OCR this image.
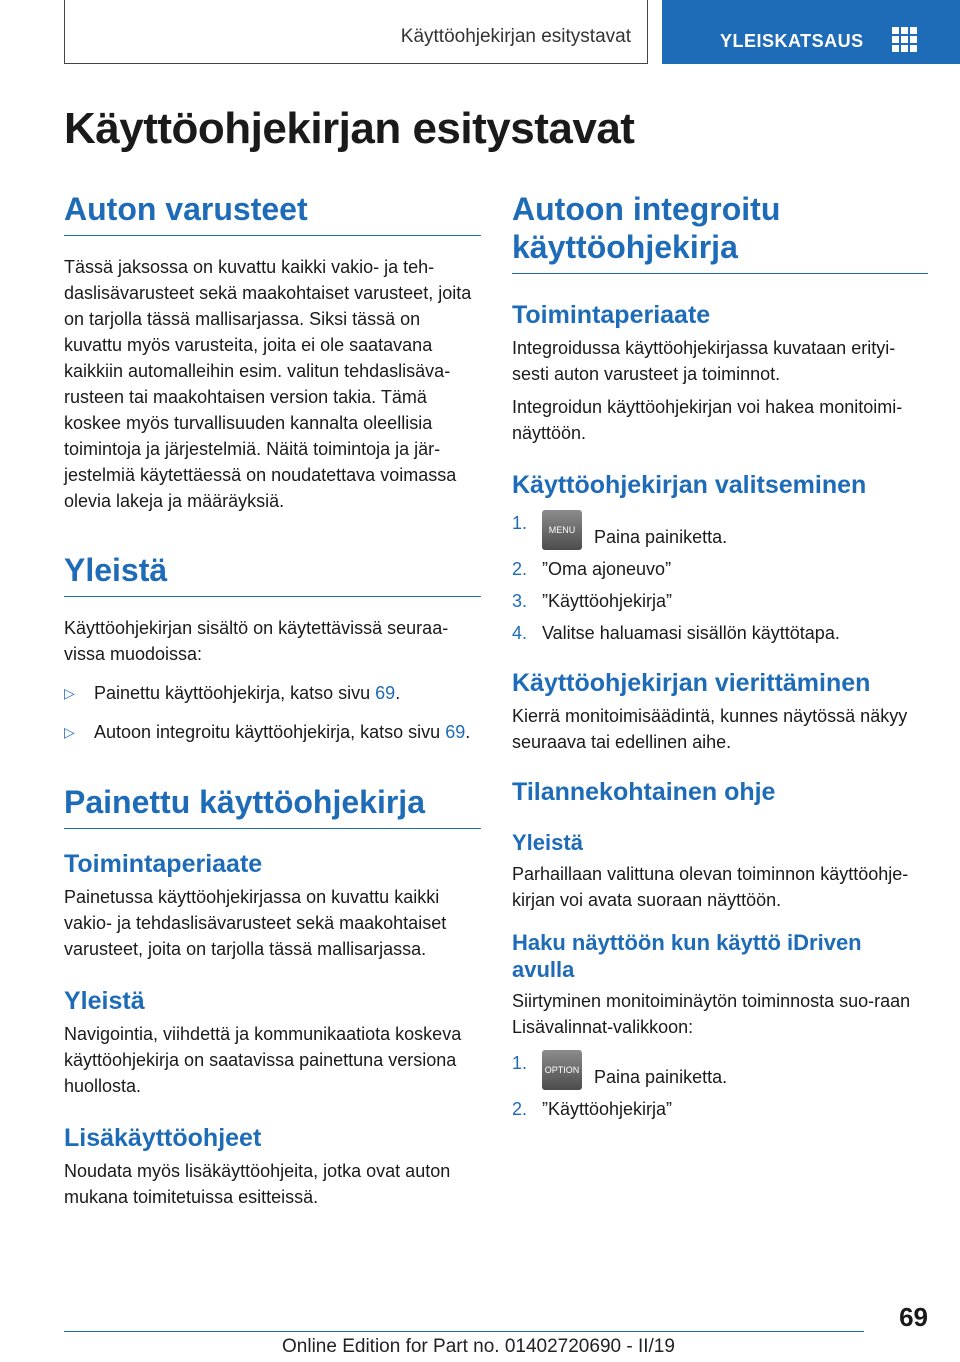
Käyttöohjekirjan esitystavat	YLEISKATSAUS
Käyttöohjekirjan esitystavat
Auton varusteet

Tässä jaksossa on kuvattu kaikki vakio- ja teh-daslisävarusteet sekä maakohtaiset varusteet, joita on tarjolla tässä mallisarjassa. Siksi tässä on kuvattu myös varusteita, joita ei ole saatavana kaikkiin automalleihin esim. valitun tehdaslisäva-rusteen tai maakohtaisen version takia. Tämä koskee myös turvallisuuden kannalta oleellisia toimintoja ja järjestelmiä. Näitä toimintoja ja jär-jestelmiä käytettäessä on noudatettava voimassa olevia lakeja ja määräyksiä.

Yleistä

Käyttöohjekirjan sisältö on käytettävissä seuraa-vissa muodoissa:

▷ Painettu käyttöohjekirja, katso sivu 69.
▷ Autoon integroitu käyttöohjekirja, katso sivu 69.
Painettu käyttöohjekirja
Toimintaperiaate

Painetussa käyttöohjekirjassa on kuvattu kaikki vakio- ja tehdaslisävarusteet sekä maakohtaiset varusteet, joita on tarjolla tässä mallisarjassa.

Yleistä

Navigointia, viihdettä ja kommunikaatiota koskeva käyttöohjekirja on saatavissa painettuna versiona huollosta.

Lisäkäyttöohjeet

Noudata myös lisäkäyttöohjeita, jotka ovat auton mukana toimitetuissa esitteissä.

Autoon integroitu käyttöohjekirja
Toimintaperiaate

Integroidussa käyttöohjekirjassa kuvataan erityi-sesti auton varusteet ja toiminnot.

Integroidun käyttöohjekirjan voi hakea monitoimi-näyttöön.

Käyttöohjekirjan valitseminen
1. MENU Paina painiketta.
2. ”Oma ajoneuvo”
3. ”Käyttöohjekirja”
4. Valitse haluamasi sisällön käyttötapa.
Käyttöohjekirjan vierittäminen

Kierrä monitoimisäädintä, kunnes näytössä näkyy seuraava tai edellinen aihe.

Tilannekohtainen ohje
Yleistä

Parhaillaan valittuna olevan toiminnon käyttöohje-kirjan voi avata suoraan näyttöön.

Haku näyttöön kun käyttö iDriven avulla

Siirtyminen monitoiminäytön toiminnosta suo-raan Lisävalinnat-valikkoon:

1. OPTION Paina painiketta.
2. ”Käyttöohjekirja”
69
Online Edition for Part no. 01402720690 - II/19
